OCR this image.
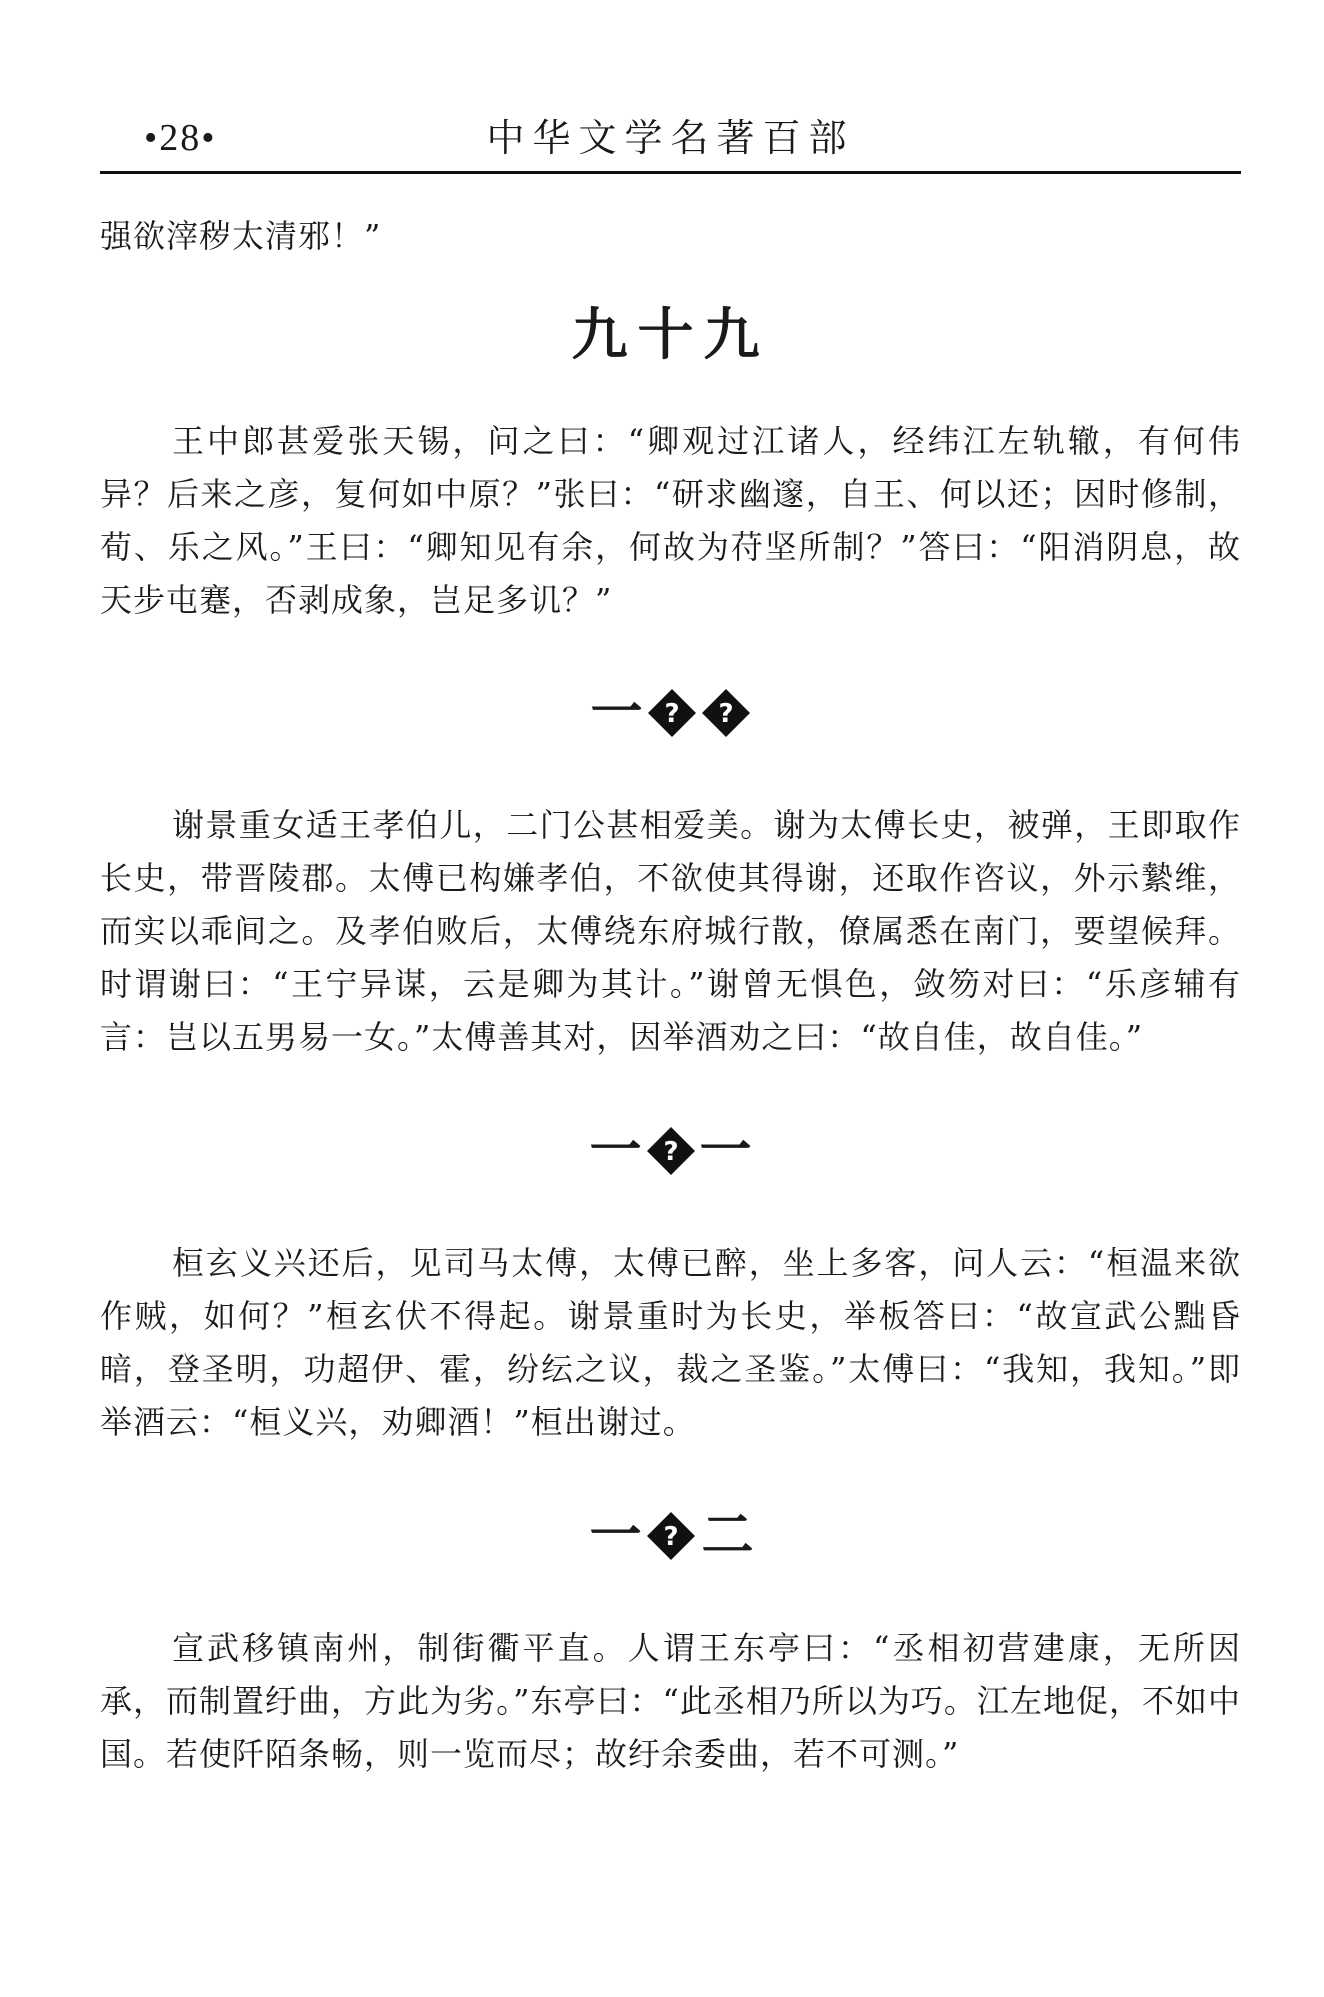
•28•	中华文学名著百部

强欲滓秽太清邪！”

九十九

王中郎甚爱张天锡，问之曰：“卿观过江诸人，经纬江左轨辙，有何伟异？后来之彦，复何如中原？”张曰：“研求幽邃，自王、何以还；因时修制，荀、乐之风。”王曰：“卿知见有余，何故为苻坚所制？”答曰：“阳消阴息，故天步屯蹇，否剥成象，岂足多讥？”

一 ? ?

谢景重女适王孝伯儿，二门公甚相爱美。谢为太傅长史，被弹，王即取作长史，带晋陵郡。太傅已构嫌孝伯，不欲使其得谢，还取作咨议，外示縶维，而实以乖间之。及孝伯败后，太傅绕东府城行散，僚属悉在南门，要望候拜。时谓谢曰：“王宁异谋，云是卿为其计。”谢曾无惧色，敛笏对曰：“乐彦辅有言：岂以五男易一女。”太傅善其对，因举酒劝之曰：“故自佳，故自佳。”

一 ? 一

桓玄义兴还后，见司马太傅，太傅已醉，坐上多客，问人云：“桓温来欲作贼，如何？”桓玄伏不得起。谢景重时为长史，举板答曰：“故宣武公黜昏暗，登圣明，功超伊、霍，纷纭之议，裁之圣鉴。”太傅曰：“我知，我知。”即举酒云：“桓义兴，劝卿酒！”桓出谢过。

一 ? 二

宣武移镇南州，制街衢平直。人谓王东亭曰：“丞相初营建康，无所因承，而制置纡曲，方此为劣。”东亭曰：“此丞相乃所以为巧。江左地促，不如中国。若使阡陌条畅，则一览而尽；故纡余委曲，若不可测。”
